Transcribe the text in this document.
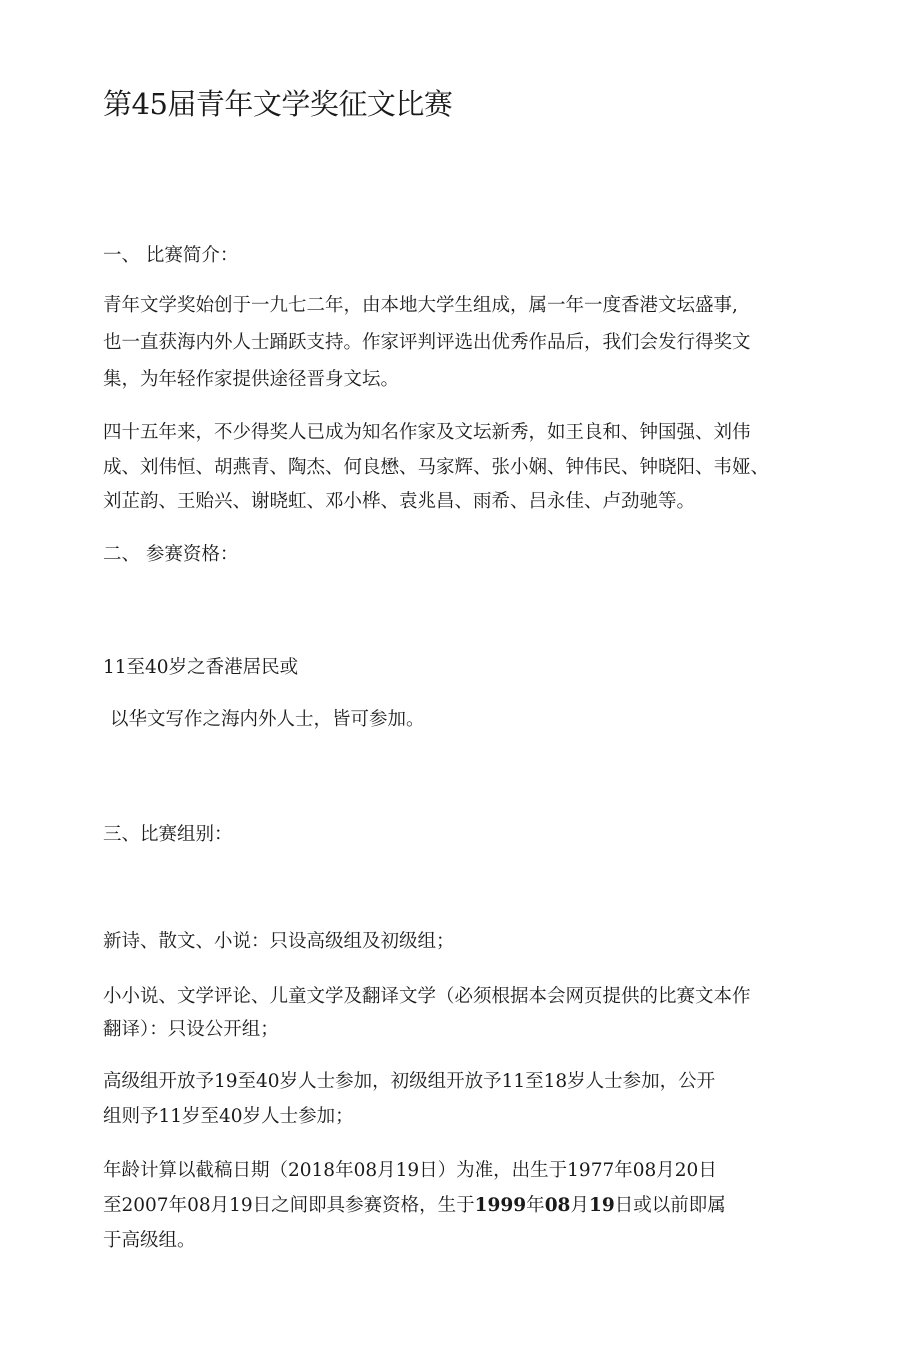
第45届青年文学奖征文比赛

一、 比赛简介：

青年文学奖始创于一九七二年，由本地大学生组成，属一年一度香港文坛盛事,

也一直获海内外人士踊跃支持。作家评判评选出优秀作品后，我们会发行得奖文

集，为年轻作家提供途径晋身文坛。

四十五年来，不少得奖人已成为知名作家及文坛新秀，如王良和、钟国强、刘伟

成、刘伟恒、胡燕青、陶杰、何良懋、马家辉、张小娴、钟伟民、钟晓阳、韦娅、

刘芷韵、王贻兴、谢晓虹、邓小桦、袁兆昌、雨希、吕永佳、卢劲驰等。

二、 参赛资格：

11至40岁之香港居民或

以华文写作之海内外人士，皆可参加。

三、比赛组别：

新诗、散文、小说：只设高级组及初级组；

小小说、文学评论、儿童文学及翻译文学（必须根据本会网页提供的比赛文本作

翻译）：只设公开组；

高级组开放予19至40岁人士参加，初级组开放予11至18岁人士参加，公开

组则予11岁至40岁人士参加；

年龄计算以截稿日期（2018年08月19日）为准，出生于1977年08月20日

至2007年08月19日之间即具参赛资格，生于1999年08月19日或以前即属

于高级组。
